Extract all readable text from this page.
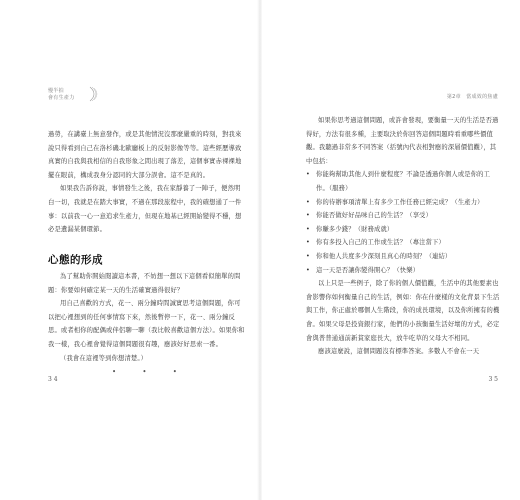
慢半拍
會有生產力

過勞，在講臺上無意發作，或是其他情況沒那麼嚴重的時刻，對我來說只得看到自己在洛杉磯北歐廳板上的反射影像等等。這些經歷導致真實的自我與我相信的自我形象之間出現了落差，這個事實赤裸裸地擺在眼前，構成我身分認同的大部分誤會。這不是真的。

如果我告訴你說，事情發生之後，我在家靜養了一陣子，便然明白一切，我就是在踏大事實，不過在那段旅程中，我的確想通了一件事：以前我一心一意追求生產力，但現在地基已經開始變得不穩，想必是遺漏某個環節。

心態的形成

為了幫助你開始閱讀這本書，不妨想一想以下這個看似簡單的問題：你要如何確定某一天的生活確實過得很好？

用自己喜歡的方式，花一、兩分鐘時間誠實思考這個問題，你可以把心裡想到的任何事情寫下來，然後暫停一下，花一、兩分鐘反思。或者相你的配偶或伴侶聊一聊（我比較喜歡這個方法）。如果你和我一樣，我心裡會覺得這個問題很有趣，應該好好思索一番。

（我會在這裡等到你想清楚。）

• • •
3 4
第2章　當成效的焦慮

如果你思考過這個問題，或許會發現，要衡量一天的生活是否過得好，方法有很多種，主要取決於你回答這個問題時看重哪些價值觀。我聽過非常多不同答案（括號內代表相對應的深層價值觀），其中包括：

• 你能夠幫助其他人到什麼程度？不論是透過你個人或是你的工作。（服務）
• 你的待辦事項清單上有多少工作任務已經完成？（生產力）
• 你能否做好好品味自己的生活？（享受）
• 你賺多少錢？（財務成就）
• 你有多投入自己的工作或生活？（專注當下）
• 你和他人共度多少深刻且真心的時刻？（連結）
• 這一天是否讓你變得開心？（快樂）

以上只是一些例子，除了你的個人價值觀，生活中的其他要素也會影響你如何衡量自己的生活，例如：你在什麼樣的文化背景下生活與工作，你正處於哪個人生階段，你的成長環境，以及你所擁有的機會。如果父母是投資銀行家，他們的小孩衡量生活好壞的方式，必定會與普普通通前新貧家庭長大，放牛吃草的父母大不相同。

應該這麼說，這個問題沒有標準答案。多數人不會在一天

3 5
